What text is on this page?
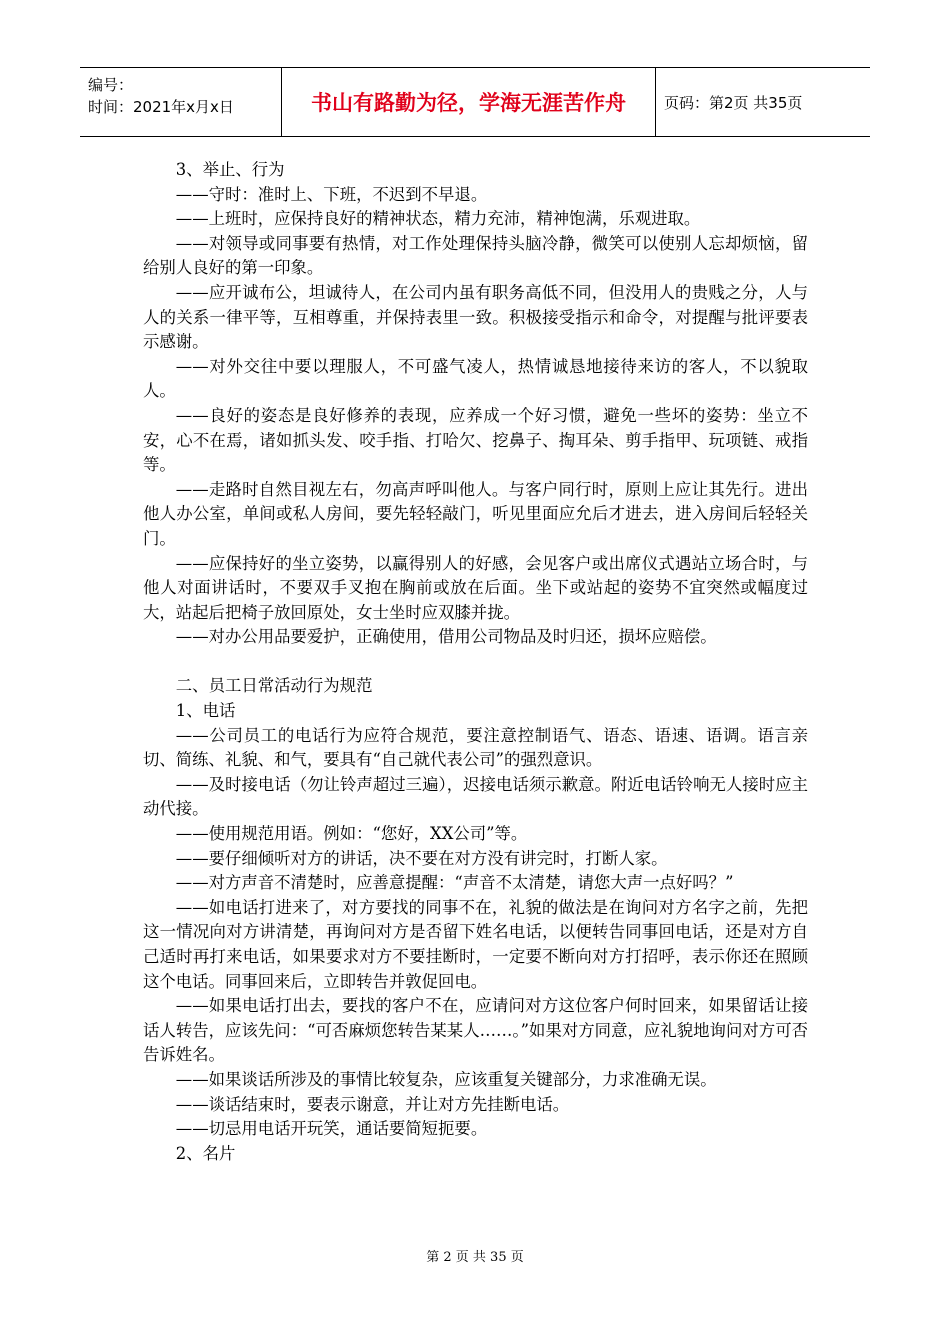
编号：
时间：2021年x月x日	书山有路勤为径，学海无涯苦作舟	页码：第2页 共35页

3、举止、行为

——守时：准时上、下班，不迟到不早退。

——上班时，应保持良好的精神状态，精力充沛，精神饱满，乐观进取。

——对领导或同事要有热情，对工作处理保持头脑冷静，微笑可以使别人忘却烦恼，留给别人良好的第一印象。

——应开诚布公，坦诚待人，在公司内虽有职务高低不同，但没用人的贵贱之分，人与人的关系一律平等，互相尊重，并保持表里一致。积极接受指示和命令，对提醒与批评要表示感谢。

——对外交往中要以理服人，不可盛气凌人，热情诚恳地接待来访的客人，不以貌取人。

——良好的姿态是良好修养的表现，应养成一个好习惯，避免一些坏的姿势：坐立不安，心不在焉，诸如抓头发、咬手指、打哈欠、挖鼻子、掏耳朵、剪手指甲、玩项链、戒指等。

——走路时自然目视左右，勿高声呼叫他人。与客户同行时，原则上应让其先行。进出他人办公室，单间或私人房间，要先轻轻敲门，听见里面应允后才进去，进入房间后轻轻关门。

——应保持好的坐立姿势，以赢得别人的好感，会见客户或出席仪式遇站立场合时，与他人对面讲话时，不要双手叉抱在胸前或放在后面。坐下或站起的姿势不宜突然或幅度过大，站起后把椅子放回原处，女士坐时应双膝并拢。

——对办公用品要爱护，正确使用，借用公司物品及时归还，损坏应赔偿。

二、员工日常活动行为规范

1、电话

——公司员工的电话行为应符合规范，要注意控制语气、语态、语速、语调。语言亲切、简练、礼貌、和气，要具有“自己就代表公司”的强烈意识。

——及时接电话（勿让铃声超过三遍），迟接电话须示歉意。附近电话铃响无人接时应主动代接。

——使用规范用语。例如：“您好，XX公司”等。

——要仔细倾听对方的讲话，决不要在对方没有讲完时，打断人家。

——对方声音不清楚时，应善意提醒：“声音不太清楚，请您大声一点好吗？”

——如电话打进来了，对方要找的同事不在，礼貌的做法是在询问对方名字之前，先把这一情况向对方讲清楚，再询问对方是否留下姓名电话，以便转告同事回电话，还是对方自己适时再打来电话，如果要求对方不要挂断时，一定要不断向对方打招呼，表示你还在照顾这个电话。同事回来后，立即转告并敦促回电。

——如果电话打出去，要找的客户不在，应请问对方这位客户何时回来，如果留话让接话人转告，应该先问：“可否麻烦您转告某某人……。”如果对方同意，应礼貌地询问对方可否告诉姓名。

——如果谈话所涉及的事情比较复杂，应该重复关键部分，力求准确无误。

——谈话结束时，要表示谢意，并让对方先挂断电话。

——切忌用电话开玩笑，通话要简短扼要。

2、名片

第 2 页 共 35 页
